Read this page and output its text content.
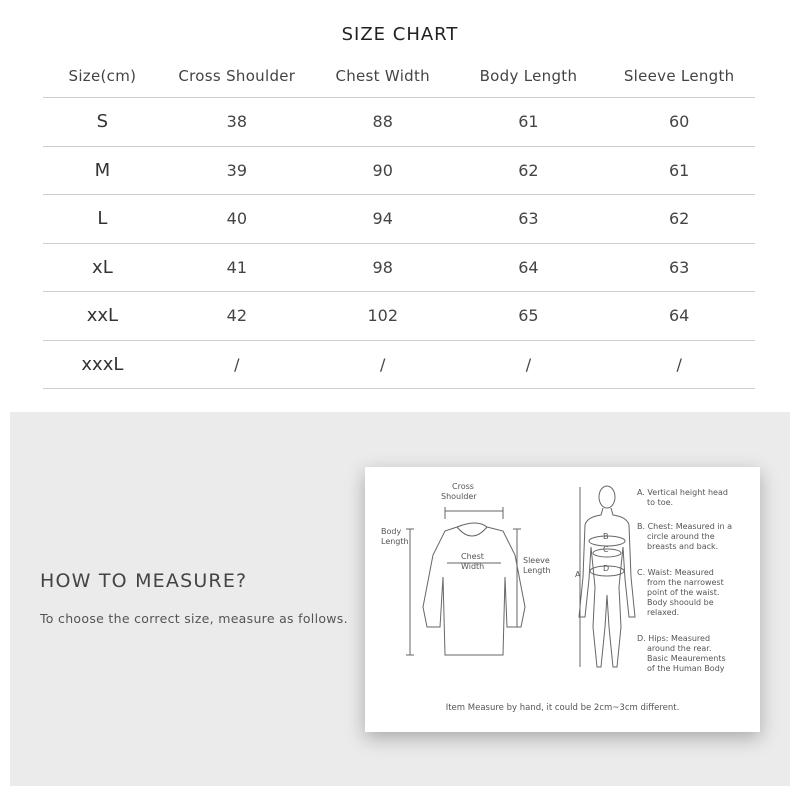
SIZE CHART
Size(cm)	Cross Shoulder	Chest Width	Body Length	Sleeve Length
S	38	88	61	60
M	39	90	62	61
L	40	94	63	62
xL	41	98	64	63
xxL	42	102	65	64
xxxL	/	/	/	/
HOW TO MEASURE?
To choose the correct size, measure as follows.
Cross
Shoulder
Body
Length
Chest
Width
Sleeve
Length
B
C
D
A
A. Vertical height head
to toe.
B. Chest: Measured in a
circle around the
breasts and back.
C. Waist: Measured
from the narrowest
point of the waist.
Body shoould be
relaxed.
D. Hips: Measured
around the rear.
Basic Meaurements
of the Human Body
Item Measure by hand, it could be 2cm~3cm different.
